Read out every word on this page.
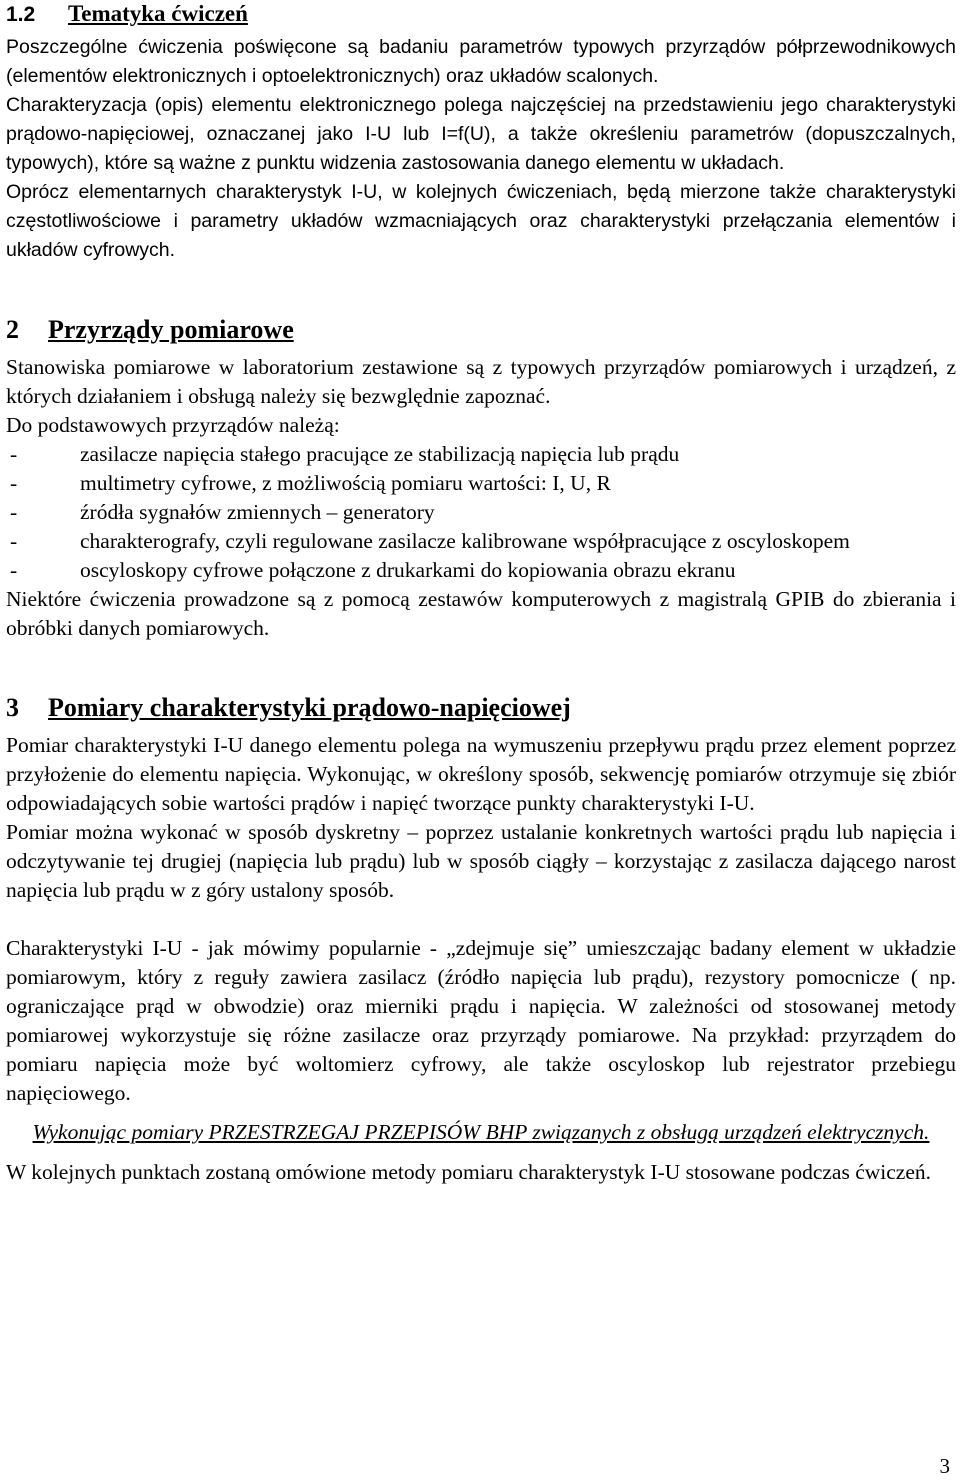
1.2 Tematyka ćwiczeń

Poszczególne ćwiczenia poświęcone są badaniu parametrów typowych przyrządów półprzewodnikowych (elementów elektronicznych i optoelektronicznych) oraz układów scalonych.

Charakteryzacja (opis) elementu elektronicznego polega najczęściej na przedstawieniu jego charakterystyki prądowo-napięciowej, oznaczanej jako I-U lub I=f(U), a także określeniu parametrów (dopuszczalnych, typowych), które są ważne z punktu widzenia zastosowania danego elementu w układach.

Oprócz elementarnych charakterystyk I-U, w kolejnych ćwiczeniach, będą mierzone także charakterystyki częstotliwościowe i parametry układów wzmacniających oraz charakterystyki przełączania elementów i układów cyfrowych.

2 Przyrządy pomiarowe

Stanowiska pomiarowe w laboratorium zestawione są z typowych przyrządów pomiarowych i urządzeń, z których działaniem i obsługą należy się bezwględnie zapoznać.

Do podstawowych przyrządów należą:

-	zasilacze napięcia stałego pracujące ze stabilizacją napięcia lub prądu
-	multimetry cyfrowe, z możliwością pomiaru wartości: I, U, R
-	źródła sygnałów zmiennych – generatory
-	charakterografy, czyli regulowane zasilacze kalibrowane współpracujące z oscyloskopem
-	oscyloskopy cyfrowe połączone z drukarkami do kopiowania obrazu ekranu

Niektóre ćwiczenia prowadzone są z pomocą zestawów komputerowych z magistralą GPIB do zbierania i obróbki danych pomiarowych.

3 Pomiary charakterystyki prądowo-napięciowej

Pomiar charakterystyki I-U danego elementu polega na wymuszeniu przepływu prądu przez element poprzez przyłożenie do elementu napięcia. Wykonując, w określony sposób, sekwencję pomiarów otrzymuje się zbiór odpowiadających sobie wartości prądów i napięć tworzące punkty charakterystyki I-U.

Pomiar można wykonać w sposób dyskretny – poprzez ustalanie konkretnych wartości prądu lub napięcia i odczytywanie tej drugiej (napięcia lub prądu) lub w sposób ciągły – korzystając z zasilacza dającego narost napięcia lub prądu w z góry ustalony sposób.

Charakterystyki I-U - jak mówimy popularnie - „zdejmuje się” umieszczając badany element w układzie pomiarowym, który z reguły zawiera zasilacz (źródło napięcia lub prądu), rezystory pomocnicze ( np. ograniczające prąd w obwodzie) oraz mierniki prądu i napięcia. W zależności od stosowanej metody pomiarowej wykorzystuje się różne zasilacze oraz przyrządy pomiarowe. Na przykład: przyrządem do pomiaru napięcia może być woltomierz cyfrowy, ale także oscyloskop lub rejestrator przebiegu napięciowego.

Wykonując pomiary PRZESTRZEGAJ PRZEPISÓW BHP związanych z obsługą urządzeń elektrycznych.

W kolejnych punktach zostaną omówione metody pomiaru charakterystyk I-U stosowane podczas ćwiczeń.

3
